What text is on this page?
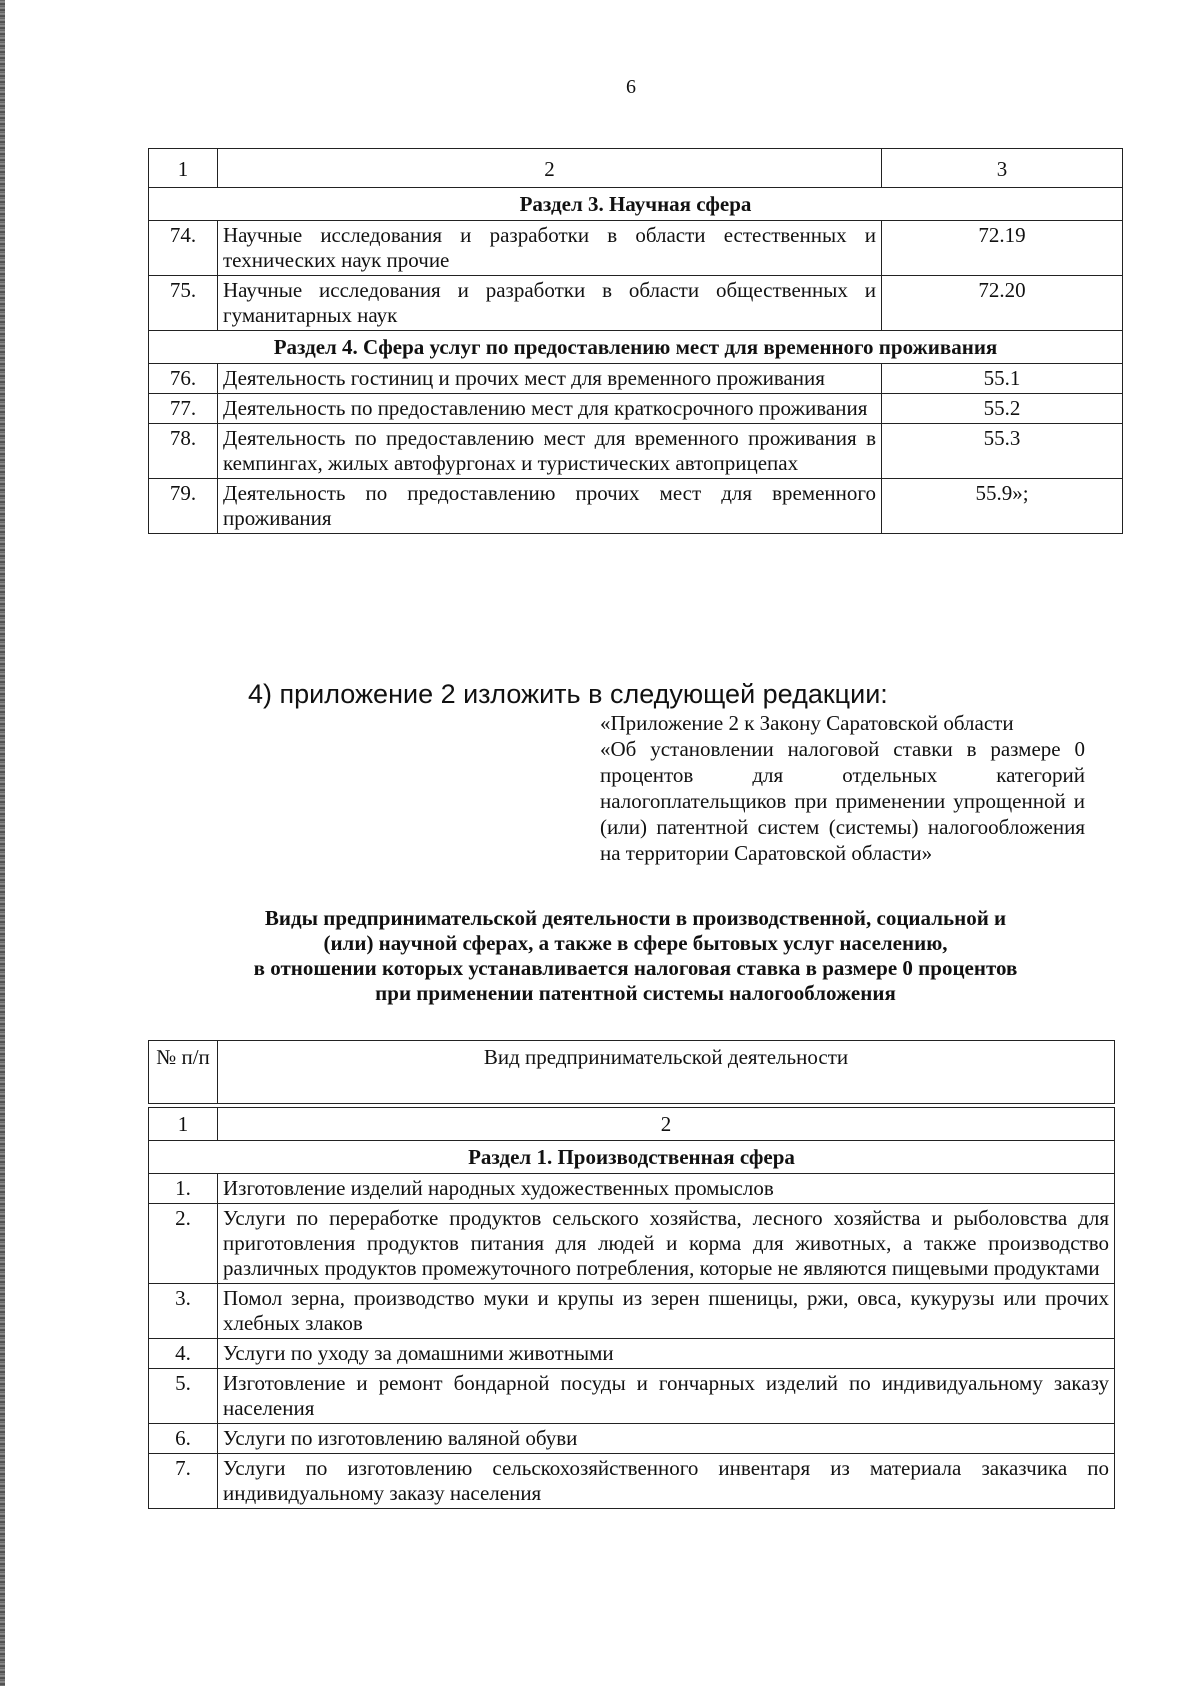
6
1	2	3
Раздел 3. Научная сфера		
74.	Научные исследования и разработки в области естественных и технических наук прочие	72.19
75.	Научные исследования и разработки в области общественных и гуманитарных наук	72.20
Раздел 4. Сфера услуг по предоставлению мест для временного проживания		
76.	Деятельность гостиниц и прочих мест для временного проживания	55.1
77.	Деятельность по предоставлению мест для краткосрочного проживания	55.2
78.	Деятельность по предоставлению мест для временного проживания в кемпингах, жилых автофургонах и туристических автоприцепах	55.3
79.	Деятельность по предоставлению прочих мест для временного проживания	55.9»;
4) приложение 2 изложить в следующей редакции:
«Приложение 2 к Закону Саратовской области
«Об установлении налоговой ставки в размере 0 процентов для отдельных категорий налогоплательщиков при применении упрощенной и (или) патентной систем (системы) налогообложения на территории Саратовской области»
Виды предпринимательской деятельности в производственной, социальной и
(или) научной сферах, а также в сфере бытовых услуг населению,
в отношении которых устанавливается налоговая ставка в размере 0 процентов
при применении патентной системы налогообложения
№ п/п	Вид предпринимательской деятельности

1	2
Раздел 1. Производственная сфера	
1.	Изготовление изделий народных художественных промыслов
2.	Услуги по переработке продуктов сельского хозяйства, лесного хозяйства и рыболовства для приготовления продуктов питания для людей и корма для животных, а также производство различных продуктов промежуточного потребления, которые не являются пищевыми продуктами
3.	Помол зерна, производство муки и крупы из зерен пшеницы, ржи, овса, кукурузы или прочих хлебных злаков
4.	Услуги по уходу за домашними животными
5.	Изготовление и ремонт бондарной посуды и гончарных изделий по индивидуальному заказу населения
6.	Услуги по изготовлению валяной обуви
7.	Услуги по изготовлению сельскохозяйственного инвентаря из материала заказчика по индивидуальному заказу населения
